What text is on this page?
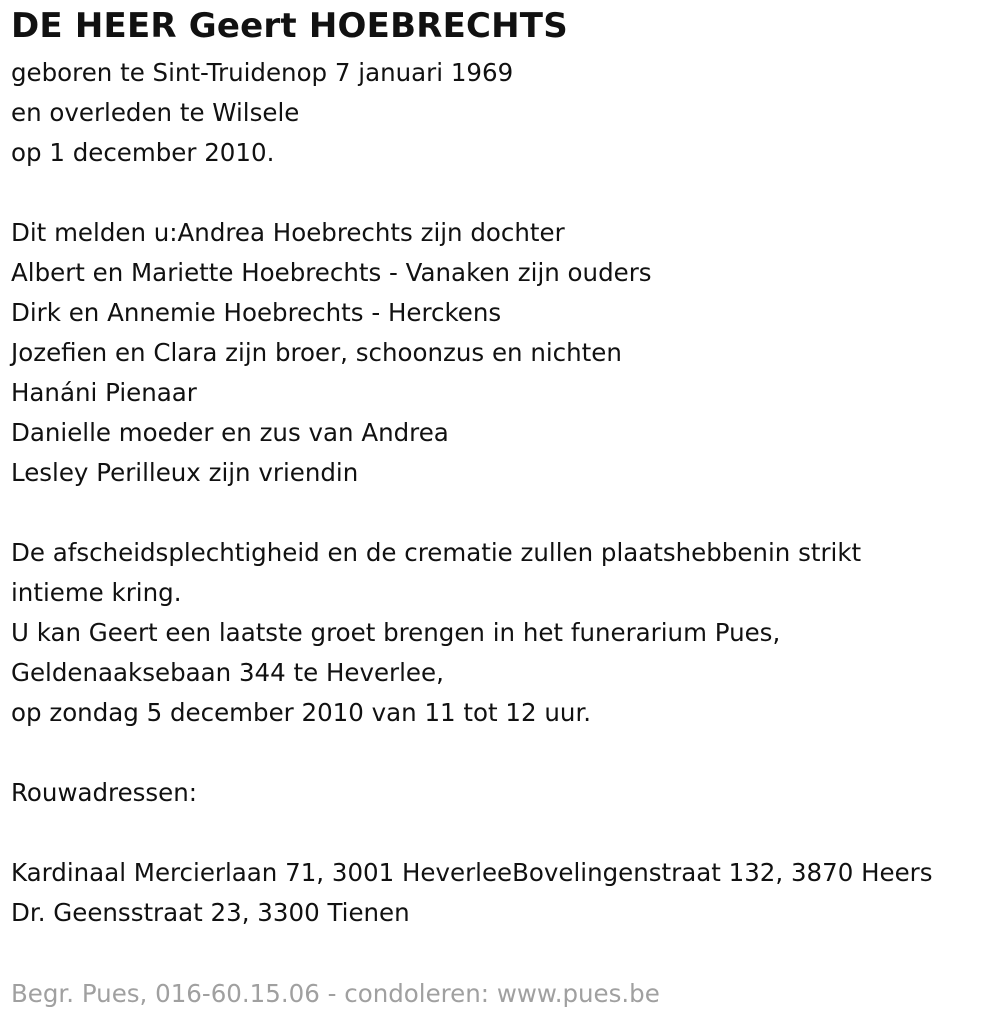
DE HEER Geert HOEBRECHTS
geboren te Sint-Truidenop 7 januari 1969
en overleden te Wilsele
op 1 december 2010.
Dit melden u:Andrea Hoebrechts zijn dochter
Albert en Mariette Hoebrechts - Vanaken zijn ouders
Dirk en Annemie Hoebrechts - Herckens
Jozefien en Clara zijn broer, schoonzus en nichten
Hanáni Pienaar
Danielle moeder en zus van Andrea
Lesley Perilleux zijn vriendin
De afscheidsplechtigheid en de crematie zullen plaatshebbenin strikt
intieme kring.
U kan Geert een laatste groet brengen in het funerarium Pues,
Geldenaaksebaan 344 te Heverlee,
op zondag 5 december 2010 van 11 tot 12 uur.
Rouwadressen:
Kardinaal Mercierlaan 71, 3001 HeverleeBovelingenstraat 132, 3870 Heers
Dr. Geensstraat 23, 3300 Tienen
Begr. Pues, 016-60.15.06 - condoleren: www.pues.be
